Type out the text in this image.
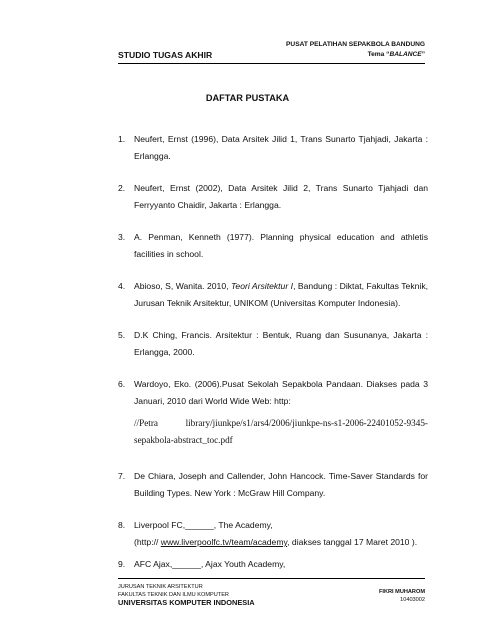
STUDIO TUGAS AKHIR
PUSAT PELATIHAN SEPAKBOLA BANDUNG
Tema “BALANCE”
DAFTAR PUSTAKA
1. Neufert, Ernst (1996), Data Arsitek Jilid 1, Trans Sunarto Tjahjadi, Jakarta : Erlangga.
2. Neufert, Ernst (2002), Data Arsitek Jilid 2, Trans Sunarto Tjahjadi dan Ferryyanto Chaidir, Jakarta : Erlangga.
3. A. Penman, Kenneth (1977). Planning physical education and athletis facilities in school.
4. Abioso, S, Wanita. 2010, Teori Arsitektur I, Bandung : Diktat, Fakultas Teknik, Jurusan Teknik Arsitektur, UNIKOM (Universitas Komputer Indonesia).
5. D.K Ching, Francis. Arsitektur : Bentuk, Ruang dan Susunanya, Jakarta : Erlangga, 2000.
6. Wardoyo, Eko. (2006).Pusat Sekolah Sepakbola Pandaan. Diakses pada 3 Januari, 2010 dari World Wide Web: http:
//Petra library/jiunkpe/s1/ars4/2006/jiunkpe-ns-s1-2006-22401052-9345-sepakbola-abstract_toc.pdf
7. De Chiara, Joseph and Callender, John Hancock. Time-Saver Standards for Building Types. New York : McGraw Hill Company.
8. Liverpool FC,______, The Academy,
(http:// www.liverpoolfc.tv/team/academy, diakses tanggal 17 Maret 2010 ).
9. AFC Ajax,______, Ajax Youth Academy,
JURUSAN TEKNIK ARSITEKTUR
FAKULTAS TEKNIK DAN ILMU KOMPUTER
UNIVERSITAS KOMPUTER INDONESIA
FIKRI MUHAROM
10403002
